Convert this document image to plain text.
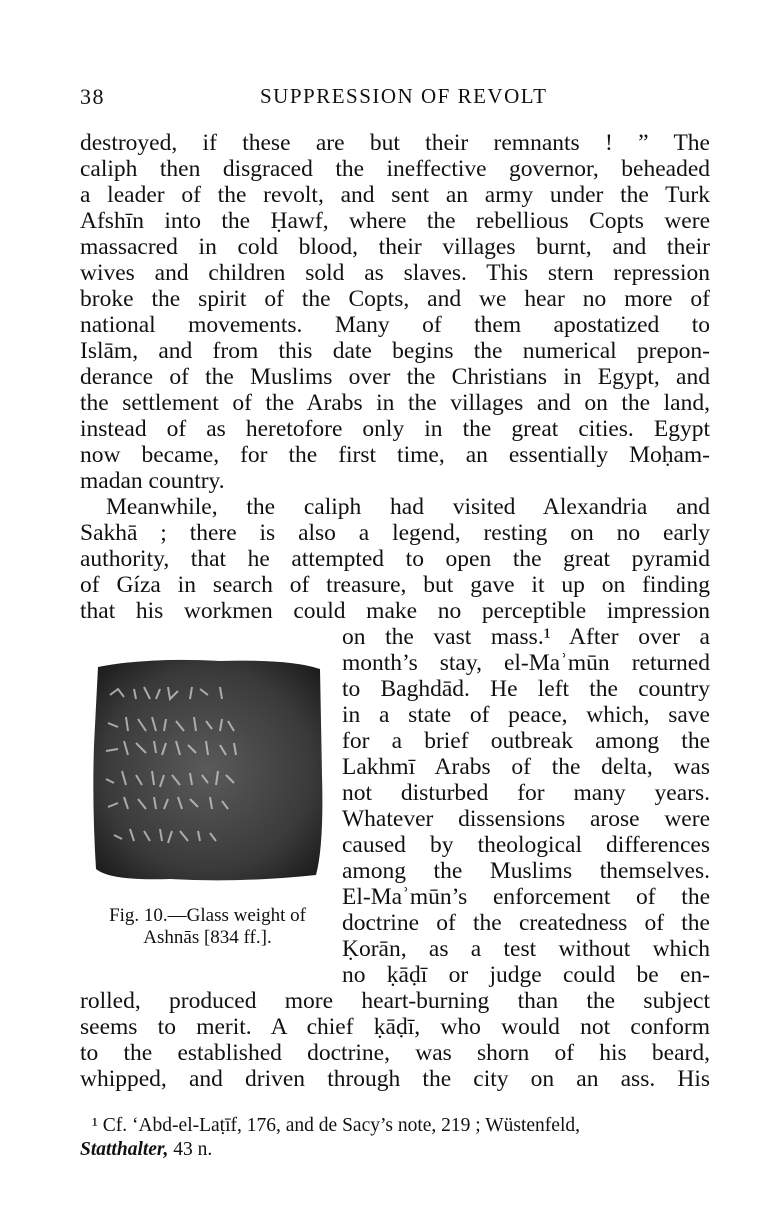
38	SUPPRESSION OF REVOLT
destroyed, if these are but their remnants ! ” The
caliph then disgraced the ineffective governor, beheaded
a leader of the revolt, and sent an army under the Turk
Afshīn into the Ḥawf, where the rebellious Copts were
massacred in cold blood, their villages burnt, and their
wives and children sold as slaves. This stern repression
broke the spirit of the Copts, and we hear no more of
national movements. Many of them apostatized to
Islām, and from this date begins the numerical prepon-
derance of the Muslims over the Christians in Egypt, and
the settlement of the Arabs in the villages and on the land,
instead of as heretofore only in the great cities. Egypt
now became, for the first time, an essentially Moḥam-
madan country.
Meanwhile, the caliph had visited Alexandria and
Sakhā ; there is also a legend, resting on no early
authority, that he attempted to open the great pyramid
of Gíza in search of treasure, but gave it up on finding
that his workmen could make no perceptible impression
on the vast mass.¹ After over a
month’s stay, el-Maʾmūn returned
to Baghdād. He left the country
in a state of peace, which, save
for a brief outbreak among the
Lakhmī Arabs of the delta, was
not disturbed for many years.
Whatever dissensions arose were
caused by theological differences
among the Muslims themselves.
El-Maʾmūn’s enforcement of the
doctrine of the createdness of the
Ḳorān, as a test without which
no ḳāḍī or judge could be en-
rolled, produced more heart-burning than the subject
seems to merit. A chief ḳāḍī, who would not conform
to the established doctrine, was shorn of his beard,
whipped, and driven through the city on an ass. His
Fig. 10.—Glass weight of
Ashnās [834 ff.].
¹ Cf. ‘Abd-el-Laṭīf, 176, and de Sacy’s note, 219 ; Wüstenfeld,
Statthalter, 43 n.
